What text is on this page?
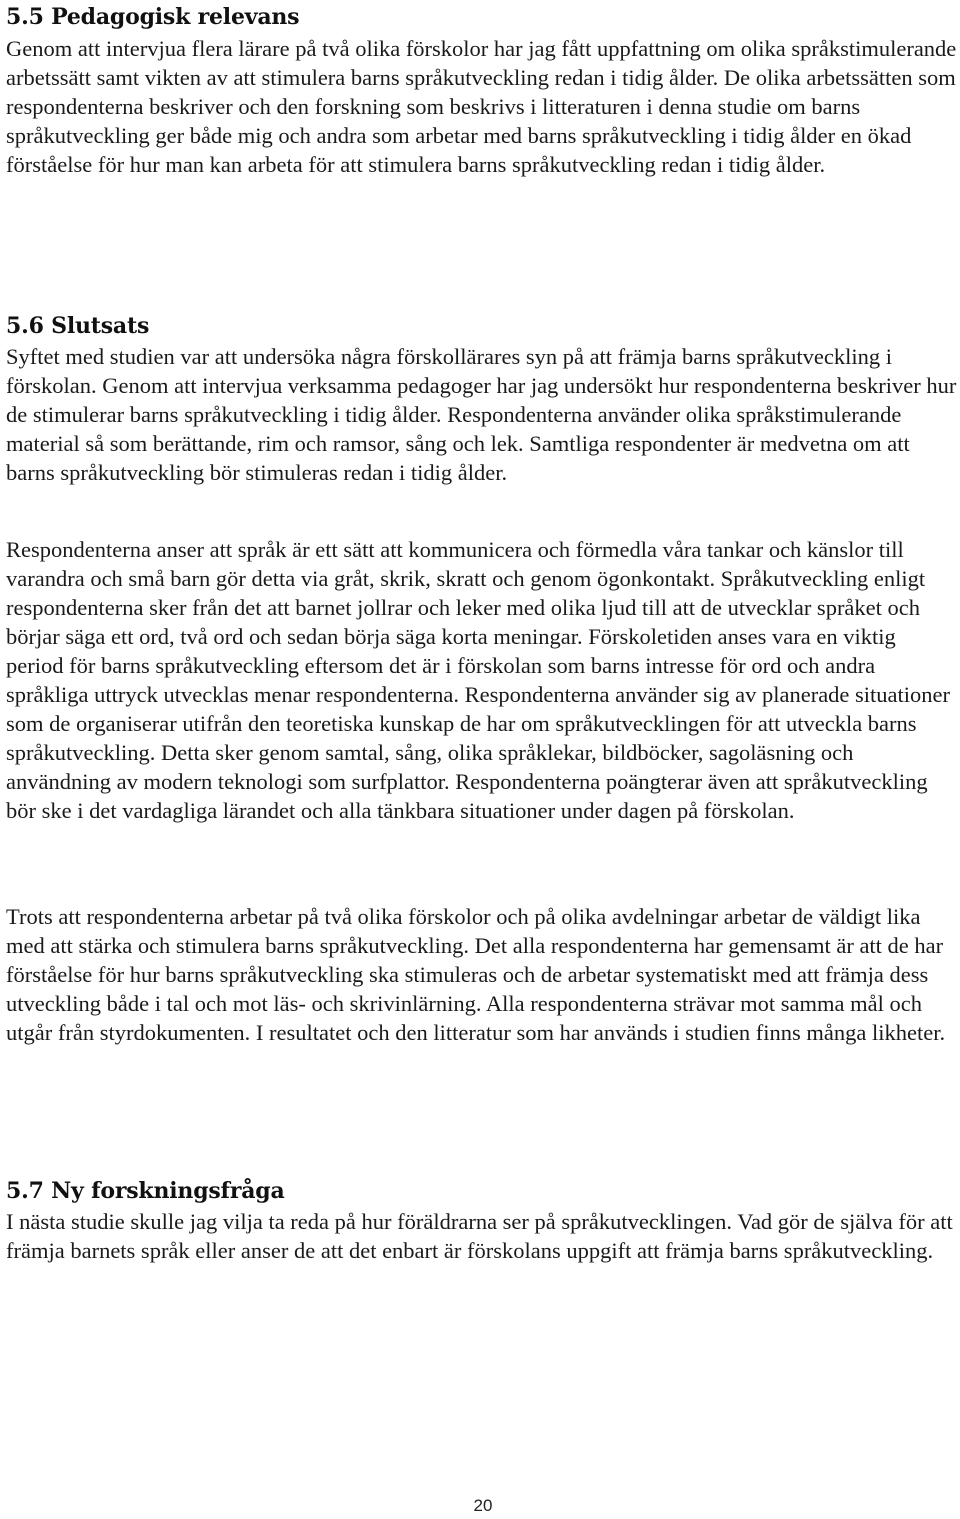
5.5 Pedagogisk relevans

Genom att intervjua flera lärare på två olika förskolor har jag fått uppfattning om olika språkstimulerande arbetssätt samt vikten av att stimulera barns språkutveckling redan i tidig ålder. De olika arbetssätten som respondenterna beskriver och den forskning som beskrivs i litteraturen i denna studie om barns språkutveckling ger både mig och andra som arbetar med barns språkutveckling i tidig ålder en ökad förståelse för hur man kan arbeta för att stimulera barns språkutveckling redan i tidig ålder.

5.6 Slutsats

Syftet med studien var att undersöka några förskollärares syn på att främja barns språkutveckling i förskolan. Genom att intervjua verksamma pedagoger har jag undersökt hur respondenterna beskriver hur de stimulerar barns språkutveckling i tidig ålder. Respondenterna använder olika språkstimulerande material så som berättande, rim och ramsor, sång och lek. Samtliga respondenter är medvetna om att barns språkutveckling bör stimuleras redan i tidig ålder.

Respondenterna anser att språk är ett sätt att kommunicera och förmedla våra tankar och känslor till varandra och små barn gör detta via gråt, skrik, skratt och genom ögonkontakt. Språkutveckling enligt respondenterna sker från det att barnet jollrar och leker med olika ljud till att de utvecklar språket och börjar säga ett ord, två ord och sedan börja säga korta meningar. Förskoletiden anses vara en viktig period för barns språkutveckling eftersom det är i förskolan som barns intresse för ord och andra språkliga uttryck utvecklas menar respondenterna. Respondenterna använder sig av planerade situationer som de organiserar utifrån den teoretiska kunskap de har om språkutvecklingen för att utveckla barns språkutveckling. Detta sker genom samtal, sång, olika språklekar, bildböcker, sagoläsning och användning av modern teknologi som surfplattor. Respondenterna poängterar även att språkutveckling bör ske i det vardagliga lärandet och alla tänkbara situationer under dagen på förskolan.

Trots att respondenterna arbetar på två olika förskolor och på olika avdelningar arbetar de väldigt lika med att stärka och stimulera barns språkutveckling. Det alla respondenterna har gemensamt är att de har förståelse för hur barns språkutveckling ska stimuleras och de arbetar systematiskt med att främja dess utveckling både i tal och mot läs- och skrivinlärning. Alla respondenterna strävar mot samma mål och utgår från styrdokumenten. I resultatet och den litteratur som har används i studien finns många likheter.

5.7 Ny forskningsfråga

I nästa studie skulle jag vilja ta reda på hur föräldrarna ser på språkutvecklingen. Vad gör de själva för att främja barnets språk eller anser de att det enbart är förskolans uppgift att främja barns språkutveckling.

20
